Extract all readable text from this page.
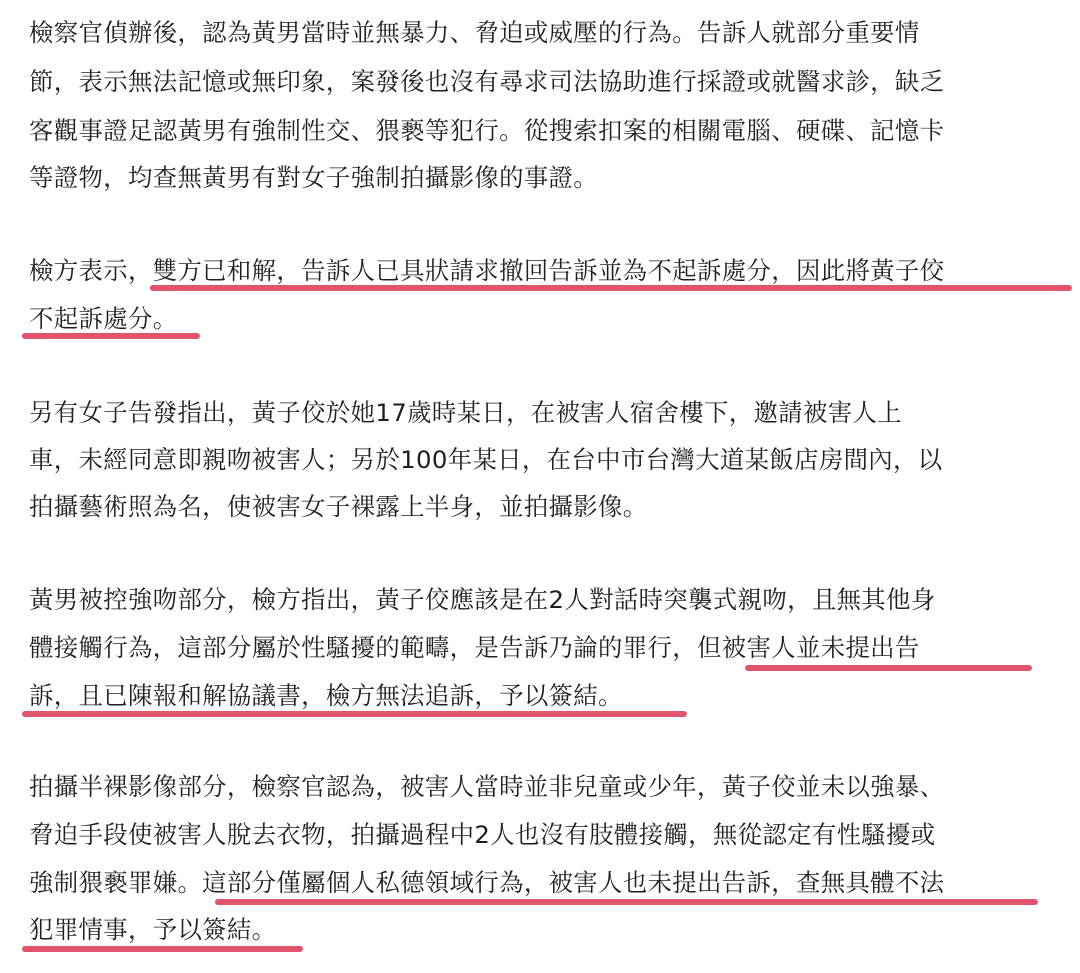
檢察官偵辦後，認為黃男當時並無暴力、脅迫或威壓的行為。告訴人就部分重要情
節，表示無法記憶或無印象，案發後也沒有尋求司法協助進行採證或就醫求診，缺乏
客觀事證足認黃男有強制性交、猥褻等犯行。從搜索扣案的相關電腦、硬碟、記憶卡
等證物，均查無黃男有對女子強制拍攝影像的事證。
檢方表示，雙方已和解，告訴人已具狀請求撤回告訴並為不起訴處分，因此將黃子佼
不起訴處分。
另有女子告發指出，黃子佼於她17歲時某日，在被害人宿舍樓下，邀請被害人上
車，未經同意即親吻被害人；另於100年某日，在台中市台灣大道某飯店房間內，以
拍攝藝術照為名，使被害女子裸露上半身，並拍攝影像。
黃男被控強吻部分，檢方指出，黃子佼應該是在2人對話時突襲式親吻，且無其他身
體接觸行為，這部分屬於性騷擾的範疇，是告訴乃論的罪行，但被害人並未提出告
訴，且已陳報和解協議書，檢方無法追訴，予以簽結。
拍攝半裸影像部分，檢察官認為，被害人當時並非兒童或少年，黃子佼並未以強暴、
脅迫手段使被害人脫去衣物，拍攝過程中2人也沒有肢體接觸，無從認定有性騷擾或
強制猥褻罪嫌。這部分僅屬個人私德領域行為，被害人也未提出告訴，查無具體不法
犯罪情事，予以簽結。
